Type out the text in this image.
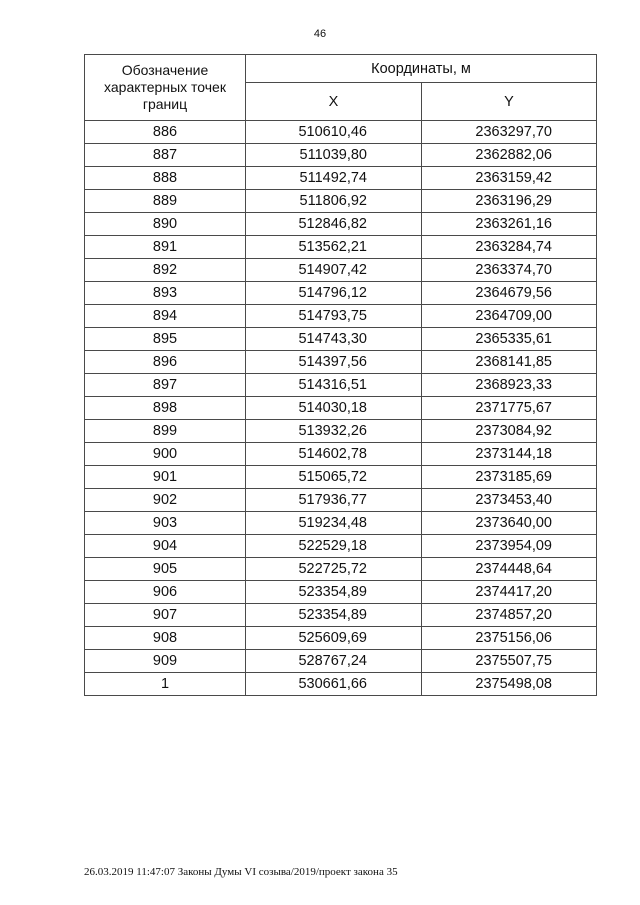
46
Обозначение характерных точек границ	Координаты, м	
	X	Y
886	510610,46	2363297,70
887	511039,80	2362882,06
888	511492,74	2363159,42
889	511806,92	2363196,29
890	512846,82	2363261,16
891	513562,21	2363284,74
892	514907,42	2363374,70
893	514796,12	2364679,56
894	514793,75	2364709,00
895	514743,30	2365335,61
896	514397,56	2368141,85
897	514316,51	2368923,33
898	514030,18	2371775,67
899	513932,26	2373084,92
900	514602,78	2373144,18
901	515065,72	2373185,69
902	517936,77	2373453,40
903	519234,48	2373640,00
904	522529,18	2373954,09
905	522725,72	2374448,64
906	523354,89	2374417,20
907	523354,89	2374857,20
908	525609,69	2375156,06
909	528767,24	2375507,75
1	530661,66	2375498,08
26.03.2019 11:47:07 Законы Думы VI созыва/2019/проект закона 35
